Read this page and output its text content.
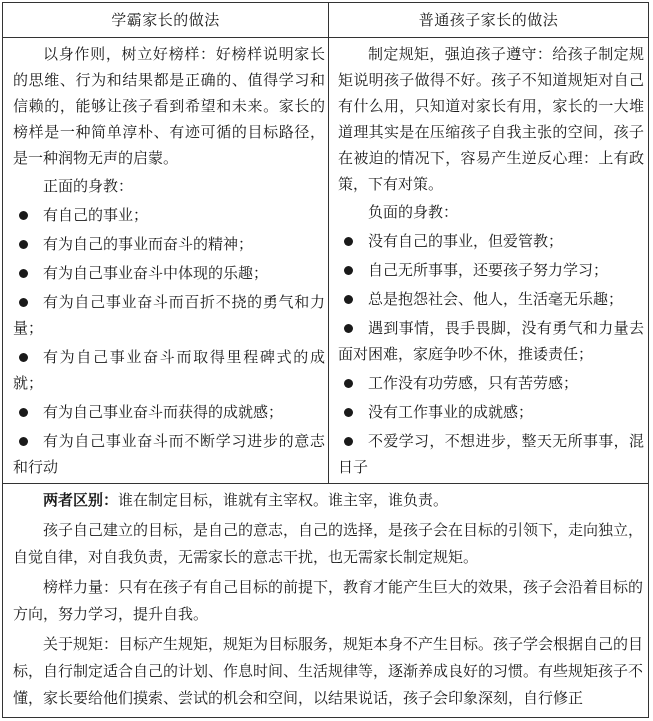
学霸家长的做法	普通孩子家长的做法

以身作则，树立好榜样：好榜样说明家长的思维、行为和结果都是正确的、值得学习和信赖的，能够让孩子看到希望和未来。家长的榜样是一种简单淳朴、有迹可循的目标路径，是一种润物无声的启蒙。

正面的身教：

有自己的事业；
有为自己的事业而奋斗的精神；
有为自己事业奋斗中体现的乐趣；
有为自己事业奋斗而百折不挠的勇气和力量；
有为自己事业奋斗而取得里程碑式的成就；
有为自己事业奋斗而获得的成就感；
有为自己事业奋斗而不断学习进步的意志和行动

制定规矩，强迫孩子遵守：给孩子制定规矩说明孩子做得不好。孩子不知道规矩对自己有什么用，只知道对家长有用，家长的一大堆道理其实是在压缩孩子自我主张的空间，孩子在被迫的情况下，容易产生逆反心理：上有政策，下有对策。

负面的身教：

没有自己的事业，但爱管教；
自己无所事事，还要孩子努力学习；
总是抱怨社会、他人，生活毫无乐趣；
遇到事情，畏手畏脚，没有勇气和力量去面对困难，家庭争吵不休，推诿责任；
工作没有功劳感，只有苦劳感；
没有工作事业的成就感；
不爱学习，不想进步，整天无所事事，混日子

两者区别：谁在制定目标，谁就有主宰权。谁主宰，谁负责。

孩子自己建立的目标，是自己的意志，自己的选择，是孩子会在目标的引领下，走向独立，自觉自律，对自我负责，无需家长的意志干扰，也无需家长制定规矩。

榜样力量：只有在孩子有自己目标的前提下，教育才能产生巨大的效果，孩子会沿着目标的方向，努力学习，提升自我。

关于规矩：目标产生规矩，规矩为目标服务，规矩本身不产生目标。孩子学会根据自己的目标，自行制定适合自己的计划、作息时间、生活规律等，逐渐养成良好的习惯。有些规矩孩子不懂，家长要给他们摸索、尝试的机会和空间，以结果说话，孩子会印象深刻，自行修正
